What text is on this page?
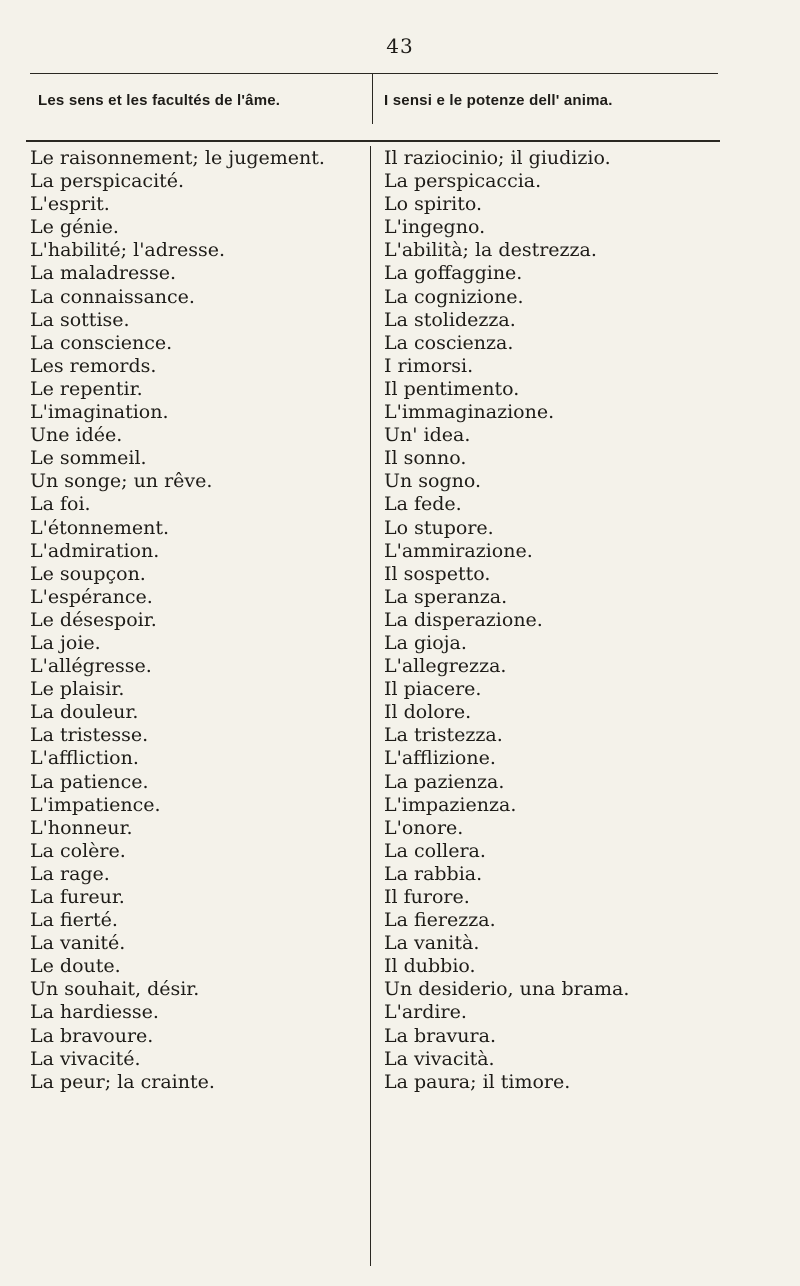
43
Les sens et les facultés de l'âme.	I sensi e le potenze dell' anima.
Le raisonnement; le jugement.
La perspicacité.
L'esprit.
Le génie.
L'habilité; l'adresse.
La maladresse.
La connaissance.
La sottise.
La conscience.
Les remords.
Le repentir.
L'imagination.
Une idée.
Le sommeil.
Un songe; un rêve.
La foi.
L'étonnement.
L'admiration.
Le soupçon.
L'espérance.
Le désespoir.
La joie.
L'allégresse.
Le plaisir.
La douleur.
La tristesse.
L'affliction.
La patience.
L'impatience.
L'honneur.
La colère.
La rage.
La fureur.
La fierté.
La vanité.
Le doute.
Un souhait, désir.
La hardiesse.
La bravoure.
La vivacité.
La peur; la crainte.
Il raziocinio; il giudizio.
La perspicaccia.
Lo spirito.
L'ingegno.
L'abilità; la destrezza.
La goffaggine.
La cognizione.
La stolidezza.
La coscienza.
I rimorsi.
Il pentimento.
L'immaginazione.
Un' idea.
Il sonno.
Un sogno.
La fede.
Lo stupore.
L'ammirazione.
Il sospetto.
La speranza.
La disperazione.
La gioja.
L'allegrezza.
Il piacere.
Il dolore.
La tristezza.
L'afflizione.
La pazienza.
L'impazienza.
L'onore.
La collera.
La rabbia.
Il furore.
La fierezza.
La vanità.
Il dubbio.
Un desiderio, una brama.
L'ardire.
La bravura.
La vivacità.
La paura; il timore.
